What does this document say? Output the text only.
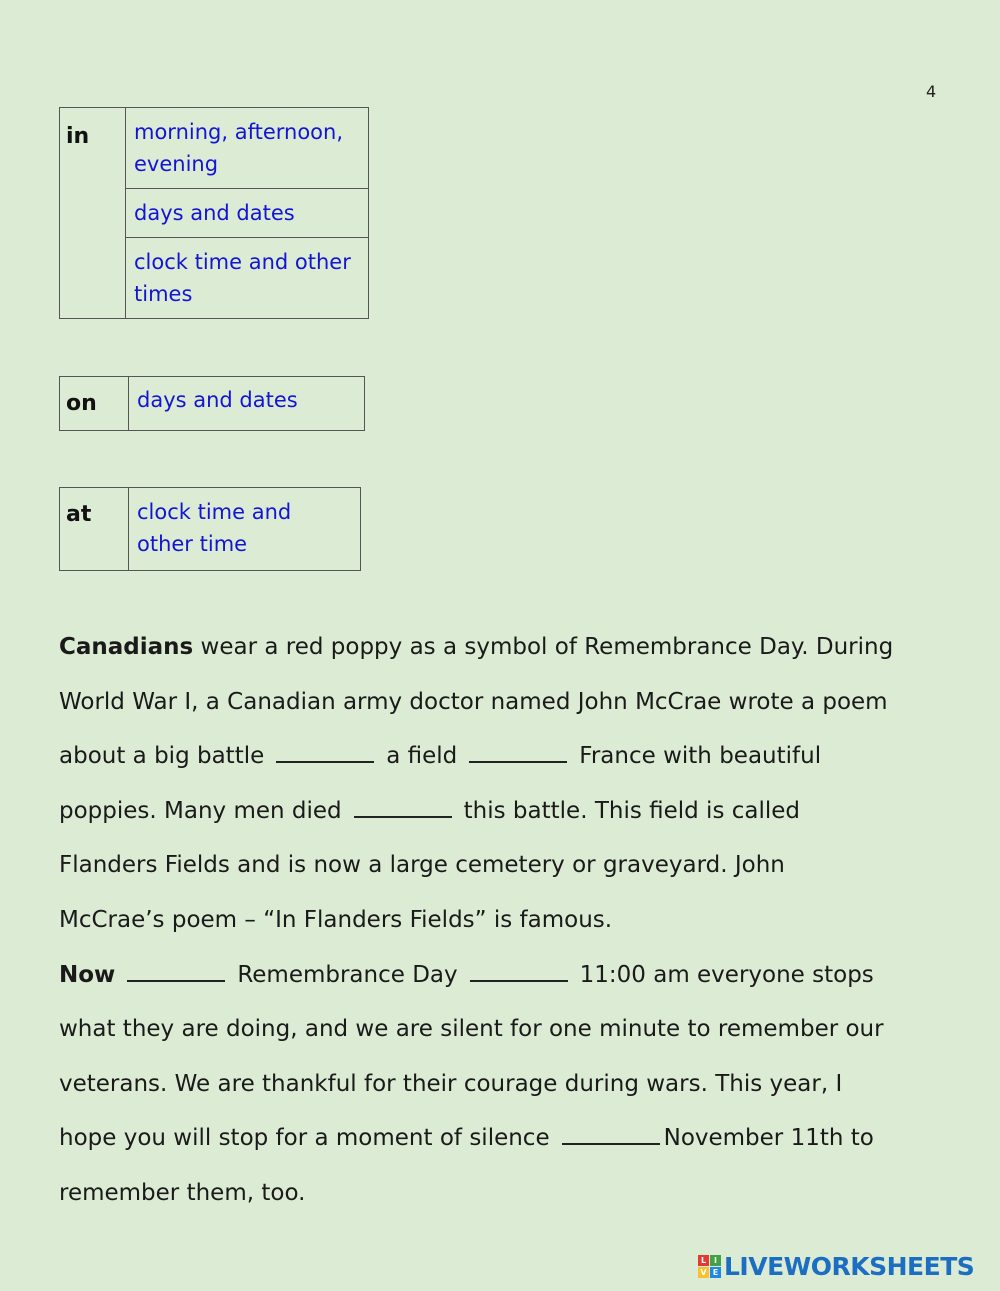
4
in	morning, afternoon, evening
days and dates
clock time and other times
on	days and dates
at	clock time and other time
Canadians wear a red poppy as a symbol of Remembrance Day. During
World War I, a Canadian army doctor named John McCrae wrote a poem
about a big battle	a field	France with beautiful
poppies. Many men died	this battle. This field is called
Flanders Fields and is now a large cemetery or graveyard. John
McCrae’s poem – “In Flanders Fields” is famous.
Now	Remembrance Day	11:00 am everyone stops
what they are doing, and we are silent for one minute to remember our
veterans. We are thankful for their courage during wars. This year, I
hope you will stop for a moment of silence	November 11th to
remember them, too.
L I
V E LIVEWORKSHEETS
